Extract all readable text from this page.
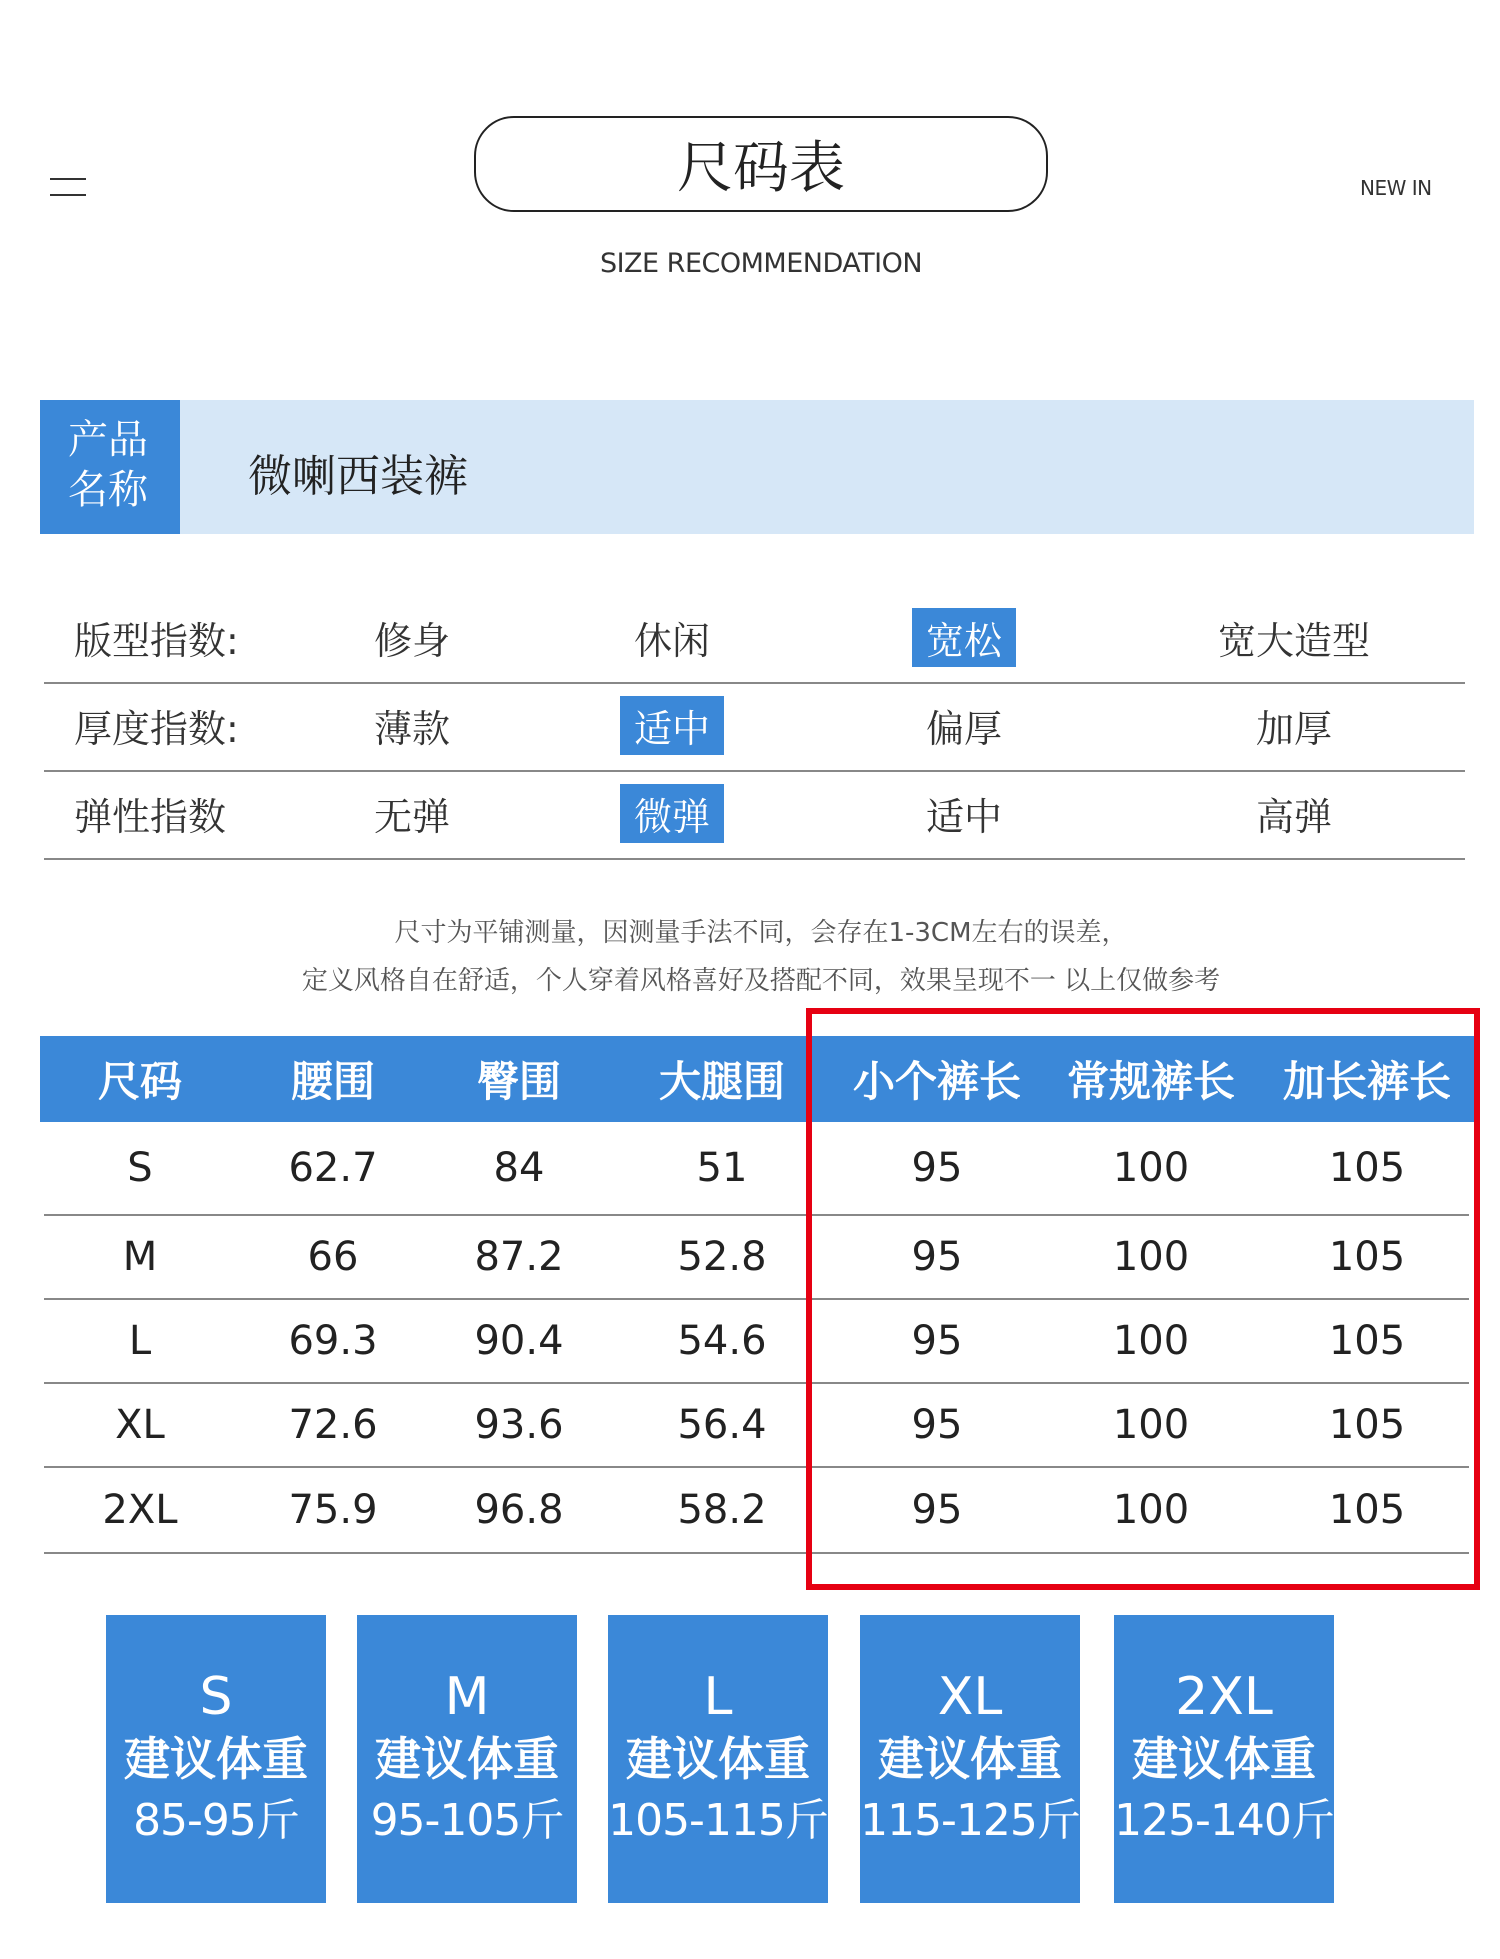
尺码表	NEW IN
SIZE RECOMMENDATION
产品
名称	微喇西装裤
版型指数:	修身	休闲	宽松	宽大造型
厚度指数:	薄款	适中	偏厚	加厚
弹性指数	无弹	微弹	适中	高弹
尺寸为平铺测量，因测量手法不同，会存在1-3CM左右的误差，
定义风格自在舒适，个人穿着风格喜好及搭配不同，效果呈现不一 以上仅做参考
尺码	腰围	臀围	大腿围	小个裤长	常规裤长	加长裤长
S	62.7	84	51	95	100	105
M	66	87.2	52.8	95	100	105
L	69.3	90.4	54.6	95	100	105
XL	72.6	93.6	56.4	95	100	105
2XL	75.9	96.8	58.2	95	100	105
S
建议体重
85-95斤
M
建议体重
95-105斤
L
建议体重
105-115斤
XL
建议体重
115-125斤
2XL
建议体重
125-140斤
